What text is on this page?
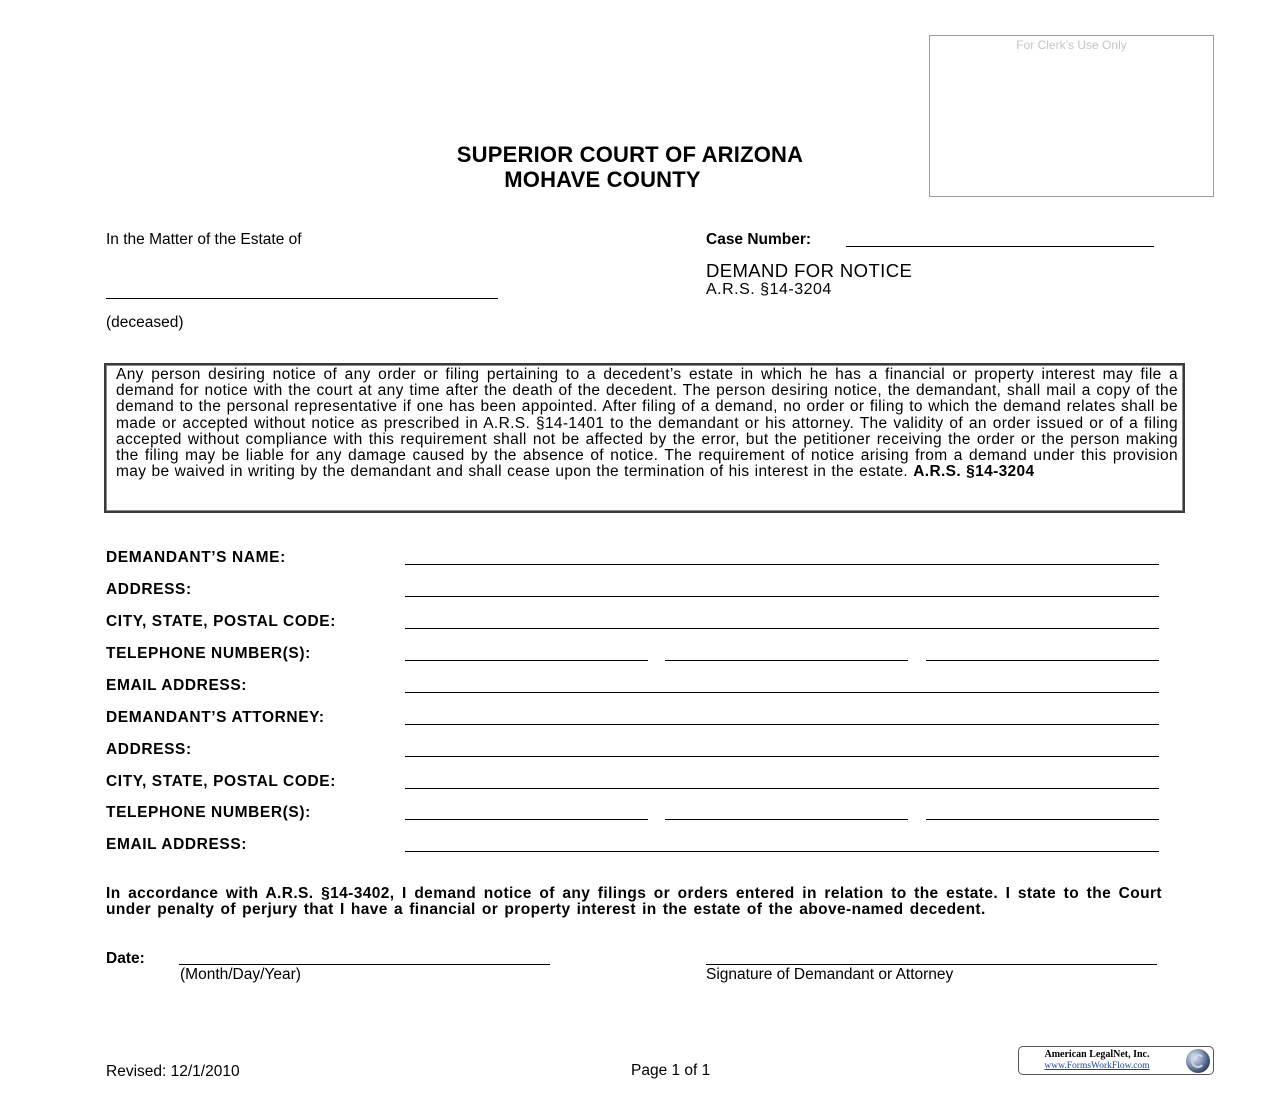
For Clerk’s Use Only
SUPERIOR COURT OF ARIZONA
MOHAVE COUNTY
In the Matter of the Estate of
(deceased)
Case Number:
DEMAND FOR NOTICE
A.R.S. §14-3204
Any person desiring notice of any order or filing pertaining to a decedent’s estate in which he has a financial or property interest may file a demand for notice with the court at any time after the death of the decedent. The person desiring notice, the demandant, shall mail a copy of the demand to the personal representative if one has been appointed. After filing of a demand, no order or filing to which the demand relates shall be made or accepted without notice as prescribed in A.R.S. §14-1401 to the demandant or his attorney. The validity of an order issued or of a filing accepted without compliance with this requirement shall not be affected by the error, but the petitioner receiving the order or the person making the filing may be liable for any damage caused by the absence of notice. The requirement of notice arising from a demand under this provision may be waived in writing by the demandant and shall cease upon the termination of his interest in the estate. A.R.S. §14-3204
DEMANDANT’S NAME:
ADDRESS:
CITY, STATE, POSTAL CODE:
TELEPHONE NUMBER(S):
EMAIL ADDRESS:
DEMANDANT’S ATTORNEY:
ADDRESS:
CITY, STATE, POSTAL CODE:
TELEPHONE NUMBER(S):
EMAIL ADDRESS:
In accordance with A.R.S. §14-3402, I demand notice of any filings or orders entered in relation to the estate. I state to the Court under penalty of perjury that I have a financial or property interest in the estate of the above-named decedent.
Date:
(Month/Day/Year)	Signature of Demandant or Attorney
Revised: 12/1/2010	Page 1 of 1
American LegalNet, Inc.
www.FormsWorkFlow.com
